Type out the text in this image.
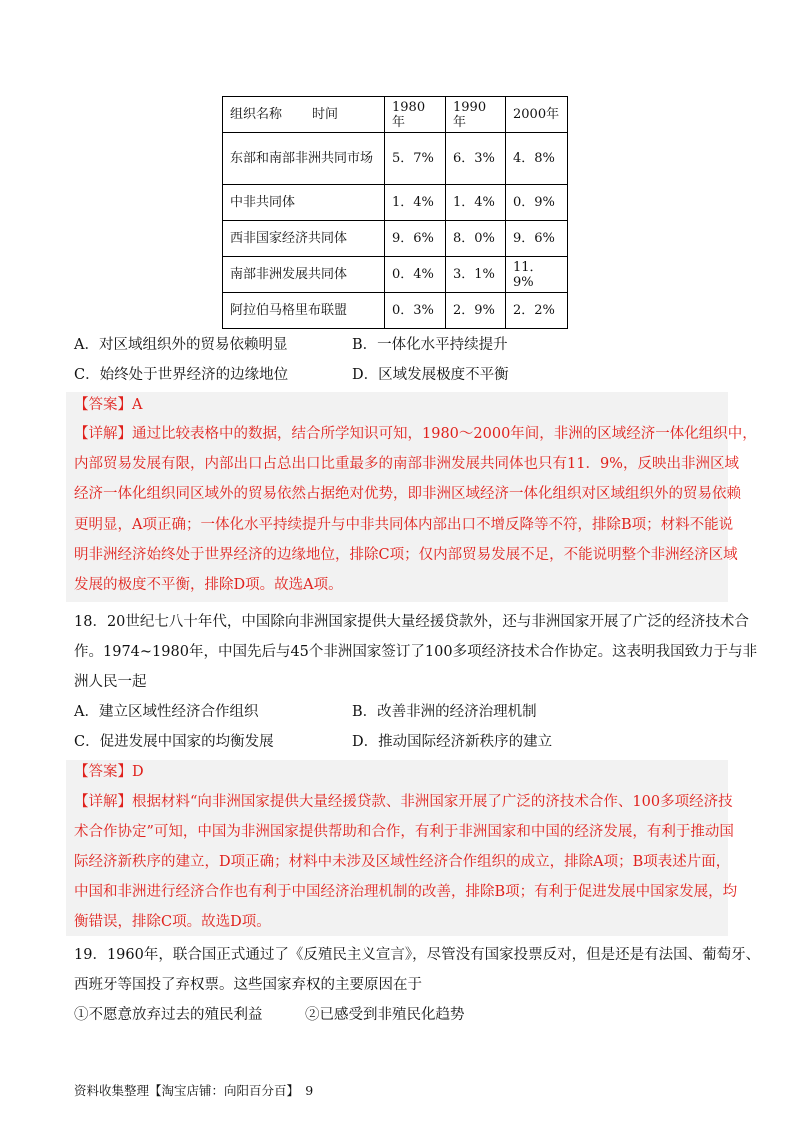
组织名称 时间	1980年	1990年	2000年
东部和南部非洲共同市场	5．7%	6．3%	4．8%
中非共同体	1．4%	1．4%	0．9%
西非国家经济共同体	9．6%	8．0%	9．6%
南部非洲发展共同体	0．4%	3．1%	11．9%
阿拉伯马格里布联盟	0．3%	2．9%	2．2%
A．对区域组织外的贸易依赖明显	B．一体化水平持续提升
C．始终处于世界经济的边缘地位	D．区域发展极度不平衡
【答案】A
【详解】通过比较表格中的数据，结合所学知识可知，1980～2000年间，非洲的区域经济一体化组织中，
内部贸易发展有限，内部出口占总出口比重最多的南部非洲发展共同体也只有11．9%，反映出非洲区域
经济一体化组织同区域外的贸易依然占据绝对优势，即非洲区域经济一体化组织对区域组织外的贸易依赖
更明显，A项正确；一体化水平持续提升与中非共同体内部出口不增反降等不符，排除B项；材料不能说
明非洲经济始终处于世界经济的边缘地位，排除C项；仅内部贸易发展不足，不能说明整个非洲经济区域
发展的极度不平衡，排除D项。故选A项。
18．20世纪七八十年代，中国除向非洲国家提供大量经援贷款外，还与非洲国家开展了广泛的经济技术合
作。1974~1980年，中国先后与45个非洲国家签订了100多项经济技术合作协定。这表明我国致力于与非
洲人民一起
A．建立区域性经济合作组织	B．改善非洲的经济治理机制
C．促进发展中国家的均衡发展	D．推动国际经济新秩序的建立
【答案】D
【详解】根据材料“向非洲国家提供大量经援贷款、非洲国家开展了广泛的济技术合作、100多项经济技
术合作协定”可知，中国为非洲国家提供帮助和合作，有利于非洲国家和中国的经济发展，有利于推动国
际经济新秩序的建立，D项正确；材料中未涉及区域性经济合作组织的成立，排除A项；B项表述片面，
中国和非洲进行经济合作也有利于中国经济治理机制的改善，排除B项；有利于促进发展中国家发展，均
衡错误，排除C项。故选D项。
19．1960年，联合国正式通过了《反殖民主义宣言》，尽管没有国家投票反对，但是还是有法国、葡萄牙、
西班牙等国投了弃权票。这些国家弃权的主要原因在于
①不愿意放弃过去的殖民利益	②已感受到非殖民化趋势
资料收集整理【淘宝店铺：向阳百分百】　9
